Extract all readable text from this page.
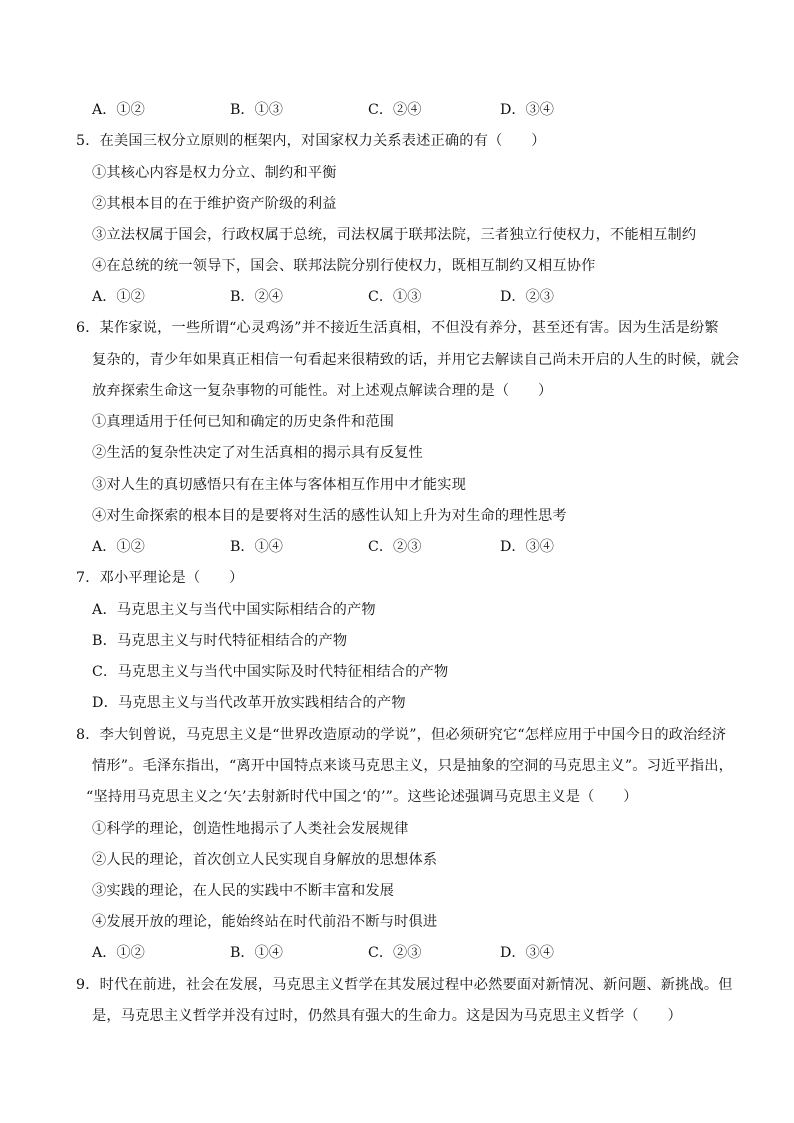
A．①②	B．①③	C．②④	D．③④
5．在美国三权分立原则的框架内，对国家权力关系表述正确的有（　　）
①其核心内容是权力分立、制约和平衡
②其根本目的在于维护资产阶级的利益
③立法权属于国会，行政权属于总统，司法权属于联邦法院，三者独立行使权力，不能相互制约
④在总统的统一领导下，国会、联邦法院分别行使权力，既相互制约又相互协作
A．①②	B．②④	C．①③	D．②③
6．某作家说，一些所谓“心灵鸡汤”并不接近生活真相，不但没有养分，甚至还有害。因为生活是纷繁
复杂的，青少年如果真正相信一句看起来很精致的话，并用它去解读自己尚未开启的人生的时候，就会
放弃探索生命这一复杂事物的可能性。对上述观点解读合理的是（　　）
①真理适用于任何已知和确定的历史条件和范围
②生活的复杂性决定了对生活真相的揭示具有反复性
③对人生的真切感悟只有在主体与客体相互作用中才能实现
④对生命探索的根本目的是要将对生活的感性认知上升为对生命的理性思考
A．①②	B．①④	C．②③	D．③④
7．邓小平理论是（　　）
A．马克思主义与当代中国实际相结合的产物
B．马克思主义与时代特征相结合的产物
C．马克思主义与当代中国实际及时代特征相结合的产物
D．马克思主义与当代改革开放实践相结合的产物
8．李大钊曾说，马克思主义是“世界改造原动的学说”，但必须研究它“怎样应用于中国今日的政治经济
情形”。毛泽东指出，“离开中国特点来谈马克思主义，只是抽象的空洞的马克思主义”。习近平指出，
“坚持用马克思主义之‘矢’去射新时代中国之‘的’”。这些论述强调马克思主义是（　　）
①科学的理论，创造性地揭示了人类社会发展规律
②人民的理论，首次创立人民实现自身解放的思想体系
③实践的理论，在人民的实践中不断丰富和发展
④发展开放的理论，能始终站在时代前沿不断与时俱进
A．①②	B．①④	C．②③	D．③④
9．时代在前进，社会在发展，马克思主义哲学在其发展过程中必然要面对新情况、新问题、新挑战。但
是，马克思主义哲学并没有过时，仍然具有强大的生命力。这是因为马克思主义哲学（　　）
